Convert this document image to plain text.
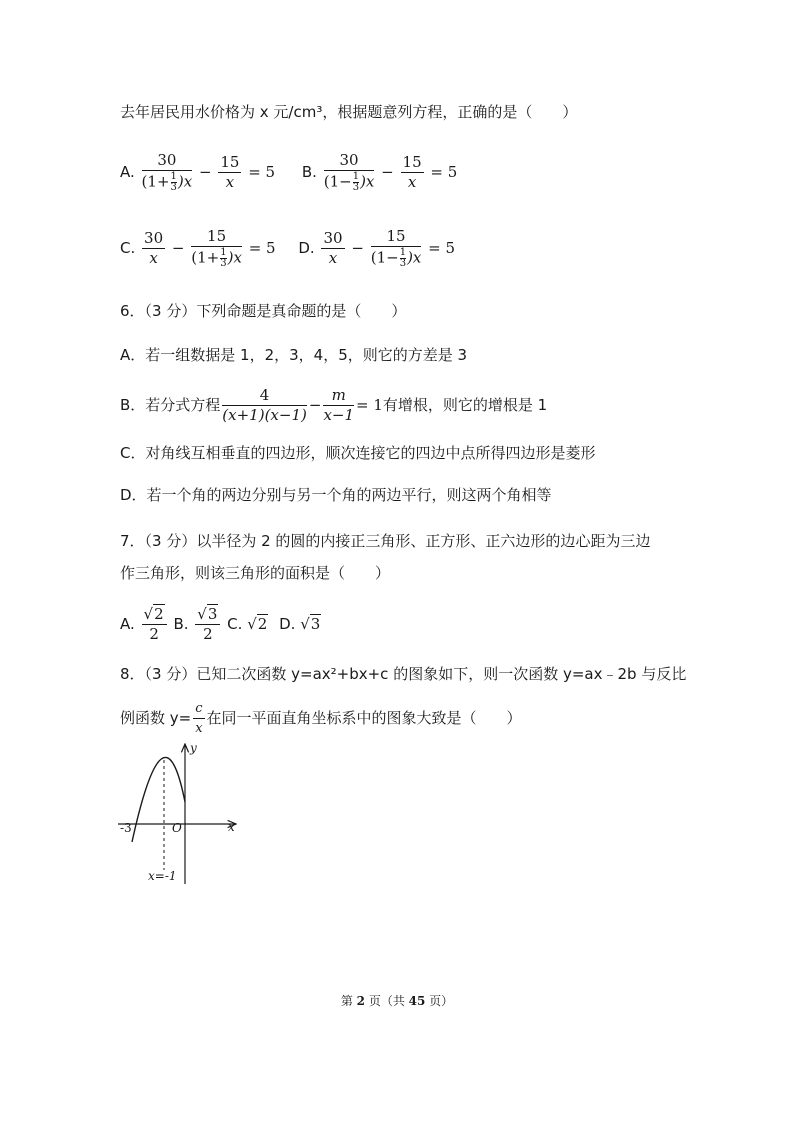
去年居民用水价格为 x 元/cm³，根据题意列方程，正确的是（　　）
A. $\frac{30}{(1+ \frac{1}{3} )x} - \frac{15}{x} = 5$ B. $\frac{30}{(1- \frac{1}{3} )x} - \frac{15}{x} = 5$
C. $\frac{30}{x} - \frac{15}{(1+ \frac{1}{3} )x} = 5$ D. $\frac{30}{x} - \frac{15}{(1- \frac{1}{3} )x} = 5$
6．（3 分）下列命题是真命题的是（　　）
A．若一组数据是 1，2，3，4，5，则它的方差是 3
B．若分式方程 $\frac{4}{(x+1)(x-1)} - \frac{m}{x-1} = 1$有增根，则它的增根是 1
C．对角线互相垂直的四边形，顺次连接它的四边中点所得四边形是菱形
D．若一个角的两边分别与另一个角的两边平行，则这两个角相等
7．（3 分）以半径为 2 的圆的内接正三角形、正方形、正六边形的边心距为三边
作三角形，则该三角形的面积是（　　）
A. $\frac{√2}{2} B$. $\frac{√3}{2} C$. √2 D. √3
8．（3 分）已知二次函数 y=ax²+bx+c 的图象如下，则一次函数 y=ax﹣2b 与反比
例函数 $y= \frac{c}{x}$ 在同一平面直角坐标系中的图象大致是（　　）
y
x
O
-3
x=-1
第 2 页（共 45 页）
